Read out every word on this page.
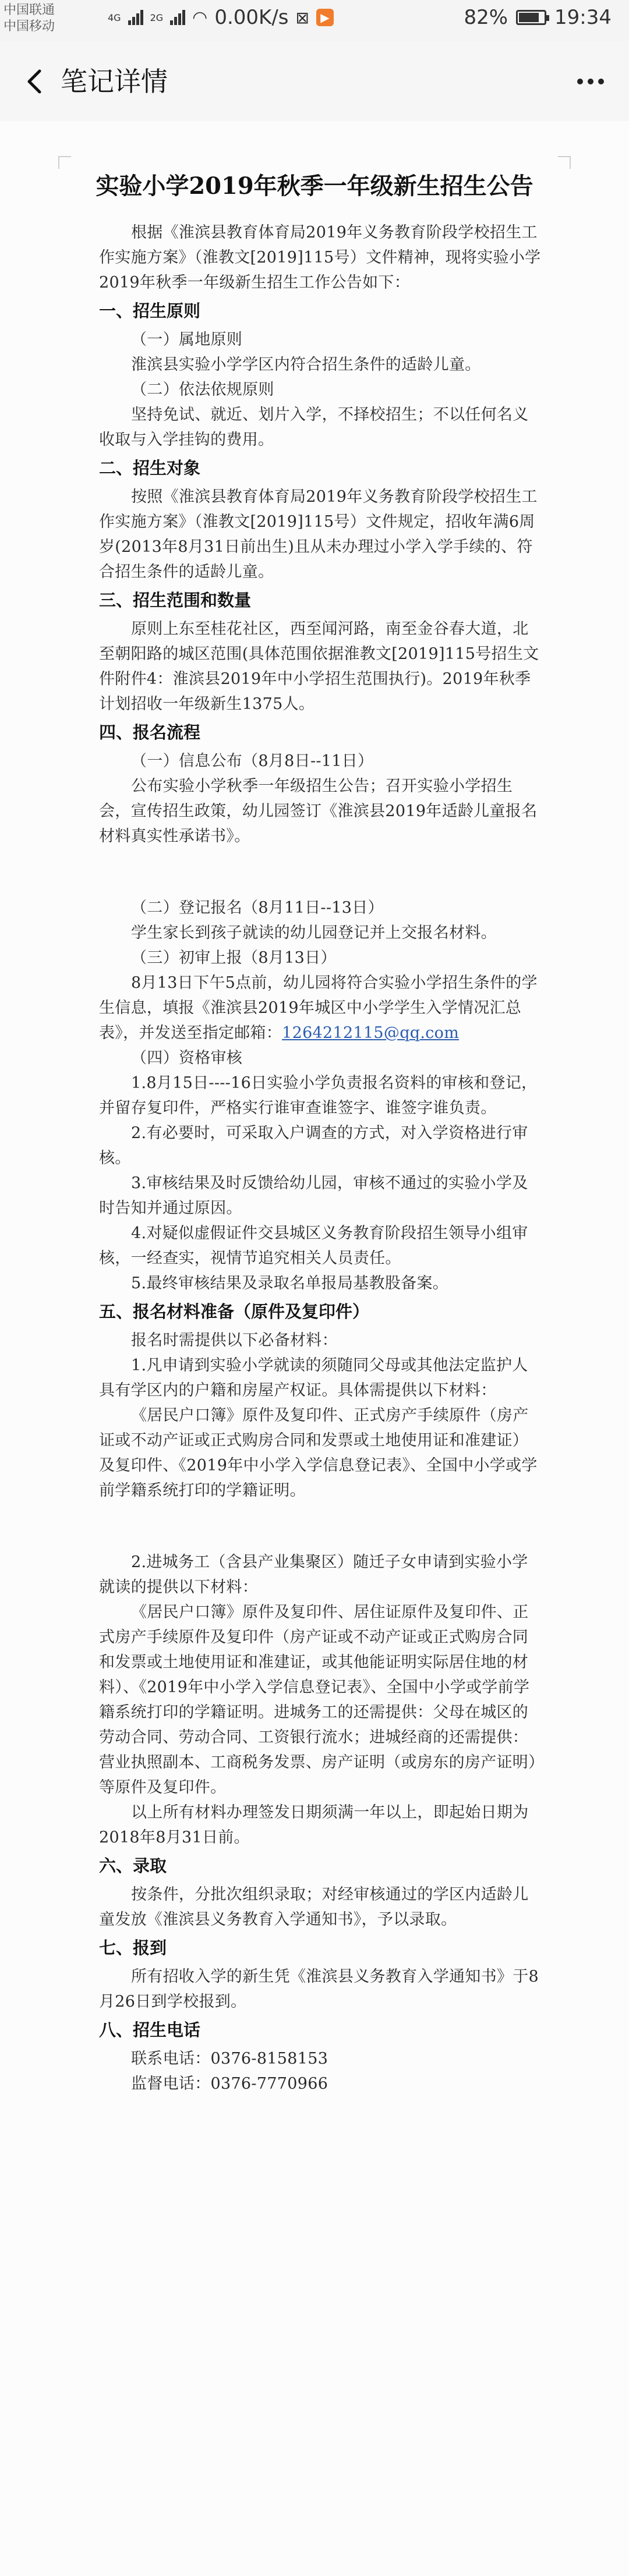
中国联通
中国移动
4G	2G ◠ 0.00K/s ⊠ ▶	82% 19:34
笔记详情
实验小学2019年秋季一年级新生招生公告

根据《淮滨县教育体育局2019年义务教育阶段学校招生工作实施方案》（淮教文[2019]115号）文件精神，现将实验小学2019年秋季一年级新生招生工作公告如下：

一、招生原则

（一）属地原则

淮滨县实验小学学区内符合招生条件的适龄儿童。

（二）依法依规原则

坚持免试、就近、划片入学，不择校招生；不以任何名义收取与入学挂钩的费用。

二、招生对象

按照《淮滨县教育体育局2019年义务教育阶段学校招生工作实施方案》（淮教文[2019]115号）文件规定，招收年满6周岁(2013年8月31日前出生)且从未办理过小学入学手续的、符合招生条件的适龄儿童。

三、招生范围和数量

原则上东至桂花社区，西至闻河路，南至金谷春大道，北至朝阳路的城区范围(具体范围依据淮教文[2019]115号招生文件附件4：淮滨县2019年中小学招生范围执行)。2019年秋季计划招收一年级新生1375人。

四、报名流程

（一）信息公布（8月8日--11日）

公布实验小学秋季一年级招生公告；召开实验小学招生会，宣传招生政策，幼儿园签订《淮滨县2019年适龄儿童报名材料真实性承诺书》。

（二）登记报名（8月11日--13日）

学生家长到孩子就读的幼儿园登记并上交报名材料。

（三）初审上报（8月13日）

8月13日下午5点前，幼儿园将符合实验小学招生条件的学生信息，填报《淮滨县2019年城区中小学学生入学情况汇总表》，并发送至指定邮箱：1264212115@qq.com

（四）资格审核

1.8月15日----16日实验小学负责报名资料的审核和登记，并留存复印件，严格实行谁审查谁签字、谁签字谁负责。

2.有必要时，可采取入户调查的方式，对入学资格进行审核。

3.审核结果及时反馈给幼儿园，审核不通过的实验小学及时告知并通过原因。

4.对疑似虚假证件交县城区义务教育阶段招生领导小组审核，一经查实，视情节追究相关人员责任。

5.最终审核结果及录取名单报局基教股备案。

五、报名材料准备（原件及复印件）

报名时需提供以下必备材料：

1.凡申请到实验小学就读的须随同父母或其他法定监护人具有学区内的户籍和房屋产权证。具体需提供以下材料：

《居民户口簿》原件及复印件、正式房产手续原件（房产证或不动产证或正式购房合同和发票或土地使用证和准建证）及复印件、《2019年中小学入学信息登记表》、全国中小学或学前学籍系统打印的学籍证明。

2.进城务工（含县产业集聚区）随迁子女申请到实验小学就读的提供以下材料：

《居民户口簿》原件及复印件、居住证原件及复印件、正式房产手续原件及复印件（房产证或不动产证或正式购房合同和发票或土地使用证和准建证，或其他能证明实际居住地的材料）、《2019年中小学入学信息登记表》、全国中小学或学前学籍系统打印的学籍证明。进城务工的还需提供：父母在城区的劳动合同、劳动合同、工资银行流水；进城经商的还需提供：营业执照副本、工商税务发票、房产证明（或房东的房产证明）等原件及复印件。

以上所有材料办理签发日期须满一年以上，即起始日期为2018年8月31日前。

六、录取

按条件，分批次组织录取；对经审核通过的学区内适龄儿童发放《淮滨县义务教育入学通知书》，予以录取。

七、报到

所有招收入学的新生凭《淮滨县义务教育入学通知书》于8月26日到学校报到。

八、招生电话

联系电话：0376-8158153

监督电话：0376-7770966
